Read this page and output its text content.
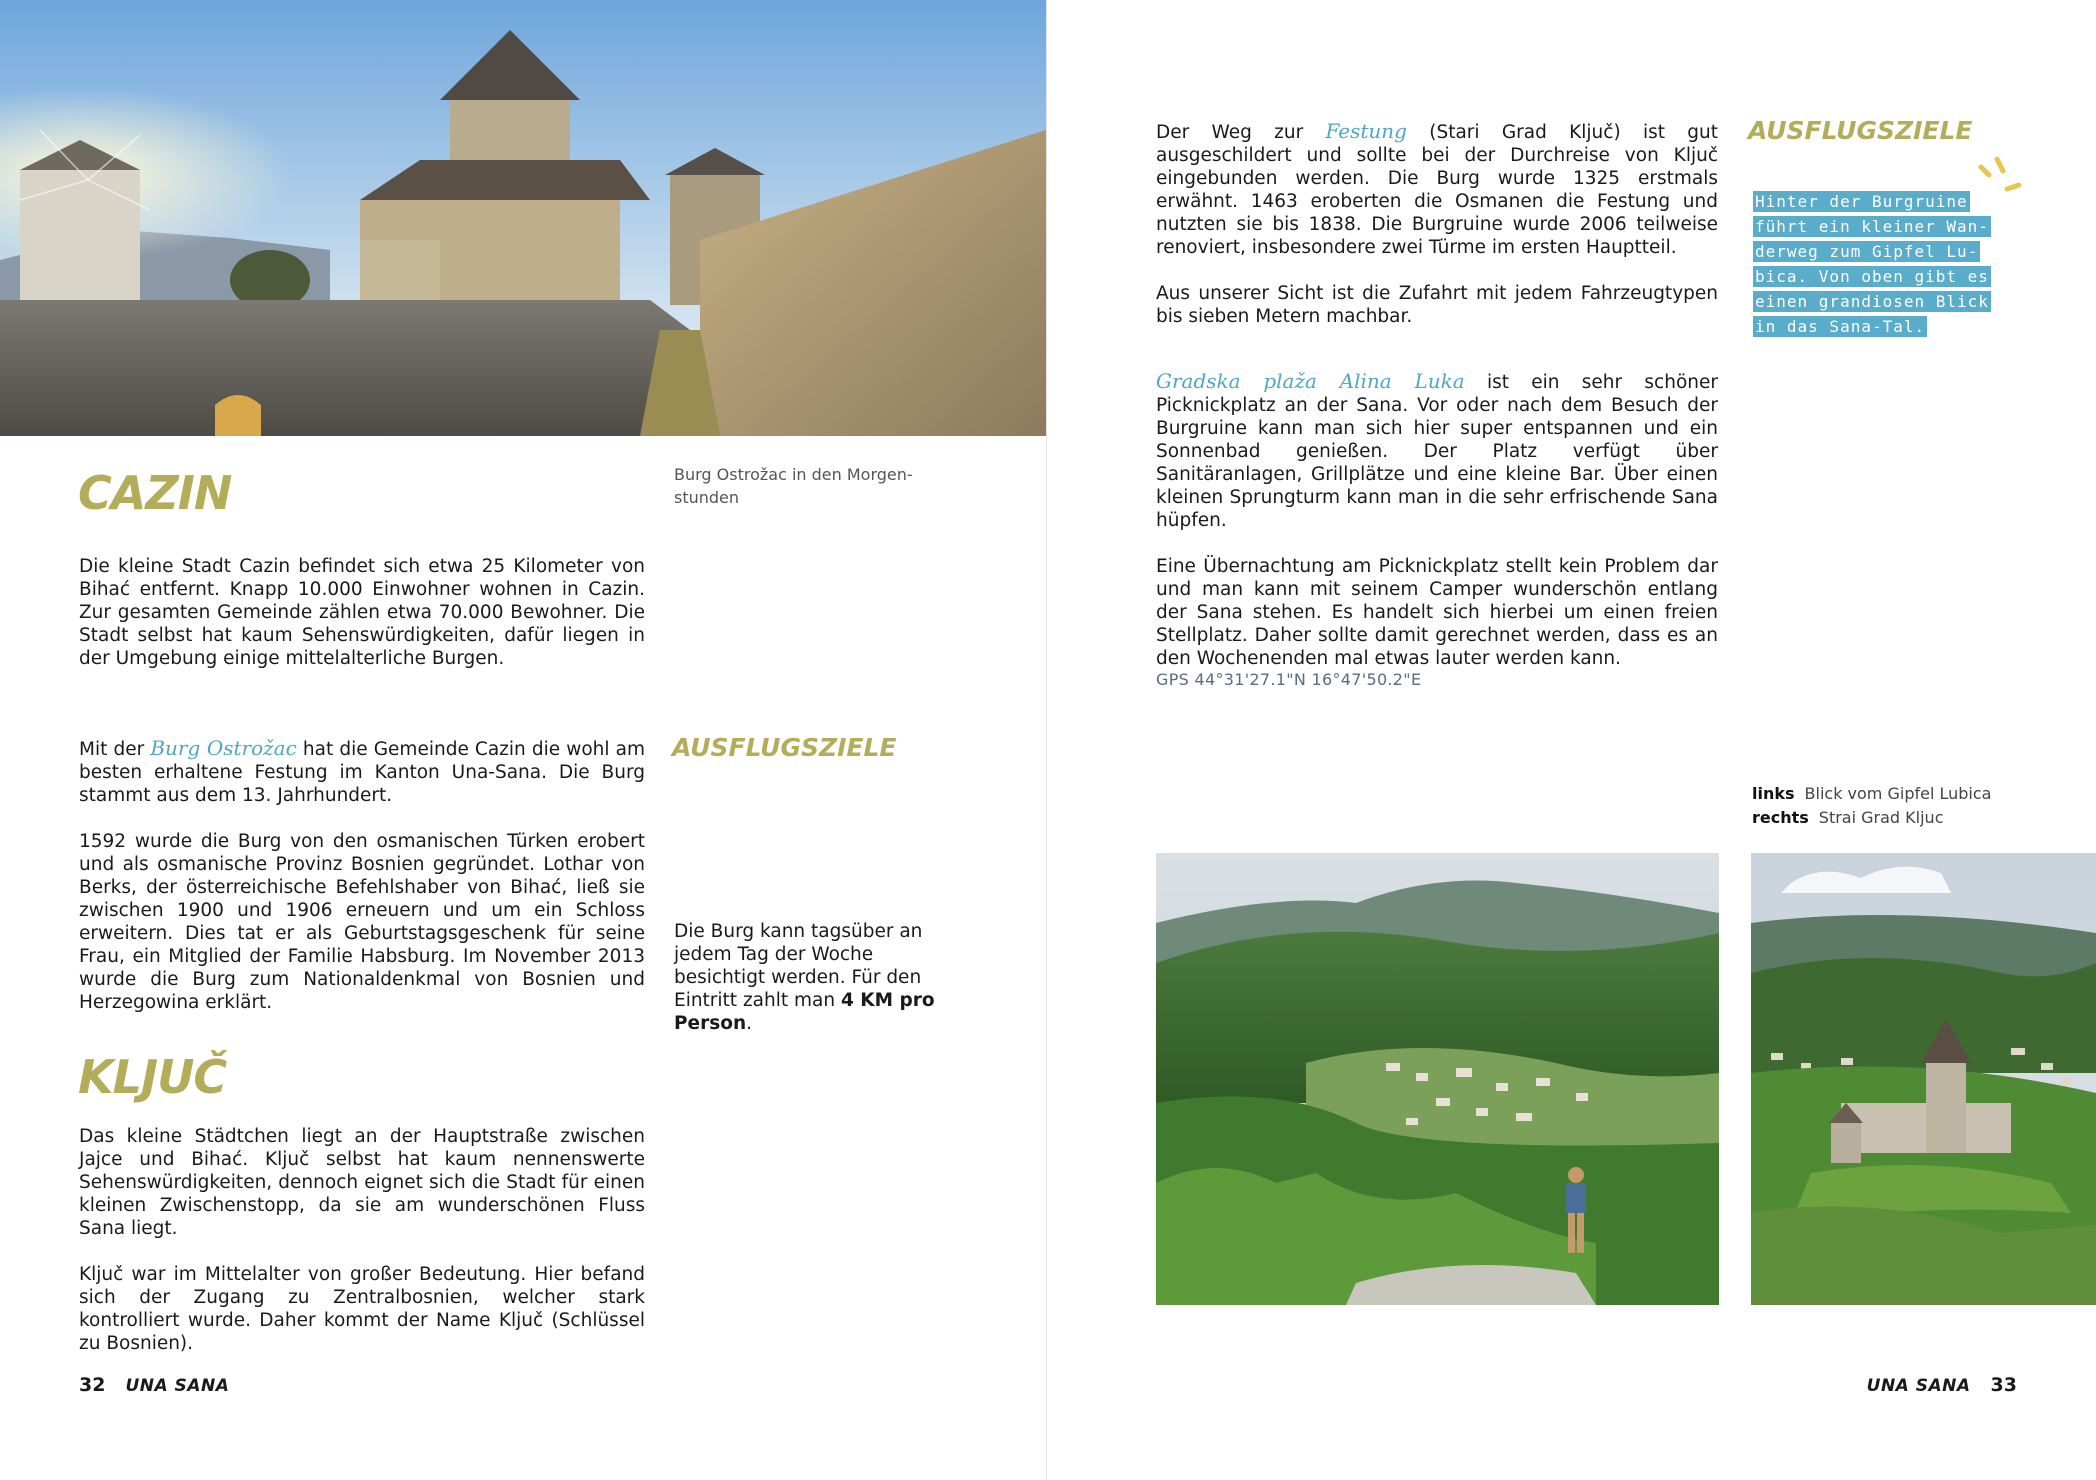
Burg Ostrožac in den Morgen-
stunden
CAZIN

Die kleine Stadt Cazin befindet sich etwa 25 Kilometer von Bihać entfernt. Knapp 10.000 Einwohner wohnen in Cazin. Zur gesamten Gemeinde zählen etwa 70.000 Bewohner. Die Stadt selbst hat kaum Sehenswürdigkeiten, dafür liegen in der Umgebung einige mittelalterliche Burgen.

Mit der Burg Ostrožac hat die Gemeinde Cazin die wohl am besten erhaltene Festung im Kanton Una-Sana. Die Burg stammt aus dem 13. Jahrhundert.

1592 wurde die Burg von den osmanischen Türken erobert und als osmanische Provinz Bosnien gegründet. Lothar von Berks, der österreichische Befehlshaber von Bihać, ließ sie zwischen 1900 und 1906 erneuern und um ein Schloss erweitern. Dies tat er als Geburtstagsgeschenk für seine Frau, ein Mitglied der Familie Habsburg. Im November 2013 wurde die Burg zum Nationaldenkmal von Bosnien und Herzegowina erklärt.

AUSFLUGSZIELE
Die Burg kann tagsüber an jedem Tag der Woche besichtigt werden. Für den Eintritt zahlt man 4 KM pro Person.
KLJUČ

Das kleine Städtchen liegt an der Hauptstraße zwischen Jajce und Bihać. Ključ selbst hat kaum nennenswerte Sehenswürdigkeiten, dennoch eignet sich die Stadt für einen kleinen Zwischenstopp, da sie am wunderschönen Fluss Sana liegt.

Ključ war im Mittelalter von großer Bedeutung. Hier befand sich der Zugang zu Zentralbosnien, welcher stark kontrolliert wurde. Daher kommt der Name Ključ (Schlüssel zu Bosnien).

32 UNA SANA

Der Weg zur Festung (Stari Grad Ključ) ist gut ausgeschildert und sollte bei der Durchreise von Ključ eingebunden werden. Die Burg wurde 1325 erstmals erwähnt. 1463 eroberten die Osmanen die Festung und nutzten sie bis 1838. Die Burgruine wurde 2006 teilweise renoviert, insbesondere zwei Türme im ersten Hauptteil.

Aus unserer Sicht ist die Zufahrt mit jedem Fahrzeugtypen bis sieben Metern machbar.

Gradska plaža Alina Luka ist ein sehr schöner Picknickplatz an der Sana. Vor oder nach dem Besuch der Burgruine kann man sich hier super entspannen und ein Sonnenbad genießen. Der Platz verfügt über Sanitäranlagen, Grillplätze und eine kleine Bar. Über einen kleinen Sprungturm kann man in die sehr erfrischende Sana hüpfen.

Eine Übernachtung am Picknickplatz stellt kein Problem dar und man kann mit seinem Camper wunderschön entlang der Sana stehen. Es handelt sich hierbei um einen freien Stellplatz. Daher sollte damit gerechnet werden, dass es an den Wochenenden mal etwas lauter werden kann.

GPS 44°31'27.1"N 16°47'50.2"E
AUSFLUGSZIELE
Hinter der Burgruine
führt ein kleiner Wan-
derweg zum Gipfel Lu-
bica. Von oben gibt es
einen grandiosen Blick
in das Sana-Tal.
links Blick vom Gipfel Lubica
rechts Strai Grad Kljuc
UNA SANA 33
